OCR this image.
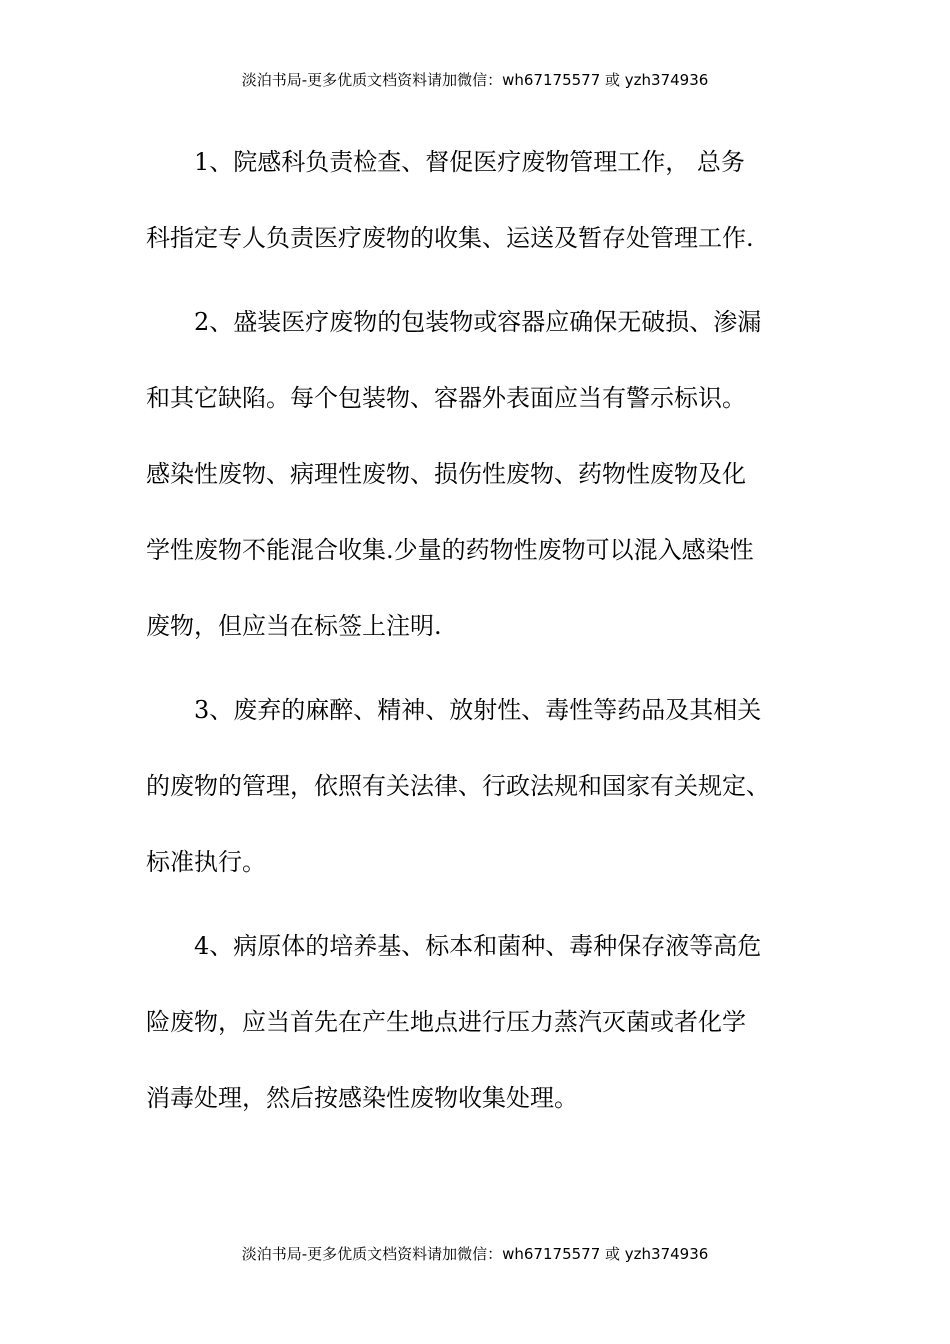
淡泊书局-更多优质文档资料请加微信：wh67175577 或 yzh374936
1、院感科负责检查、督促医疗废物管理工作， 总务
科指定专人负责医疗废物的收集、运送及暂存处管理工作.
2、盛装医疗废物的包装物或容器应确保无破损、渗漏
和其它缺陷。每个包装物、容器外表面应当有警示标识。
感染性废物、病理性废物、损伤性废物、药物性废物及化
学性废物不能混合收集.少量的药物性废物可以混入感染性
废物，但应当在标签上注明.
3、废弃的麻醉、精神、放射性、毒性等药品及其相关
的废物的管理，依照有关法律、行政法规和国家有关规定、
标准执行。
4、病原体的培养基、标本和菌种、毒种保存液等高危
险废物，应当首先在产生地点进行压力蒸汽灭菌或者化学
消毒处理，然后按感染性废物收集处理。
淡泊书局-更多优质文档资料请加微信：wh67175577 或 yzh374936
